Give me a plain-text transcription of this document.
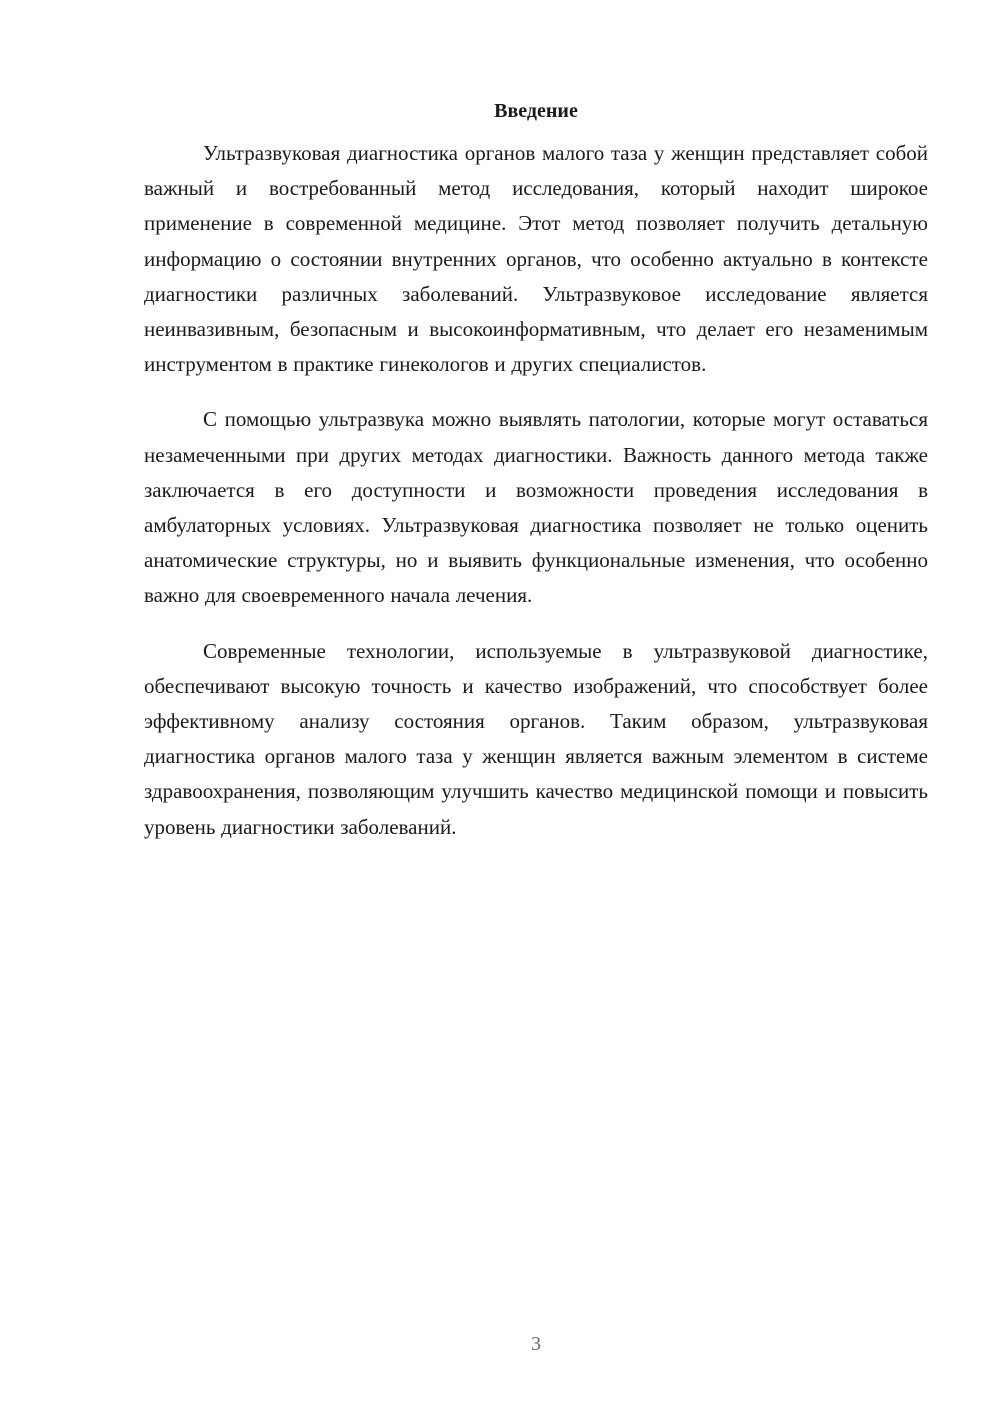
Введение

Ультразвуковая диагностика органов малого таза у женщин представляет собой важный и востребованный метод исследования, который находит широкое применение в современной медицине. Этот метод позволяет получить детальную информацию о состоянии внутренних органов, что особенно актуально в контексте диагностики различных заболеваний. Ультразвуковое исследование является неинвазивным, безопасным и высокоинформативным, что делает его незаменимым инструментом в практике гинекологов и других специалистов.

С помощью ультразвука можно выявлять патологии, которые могут оставаться незамеченными при других методах диагностики. Важность данного метода также заключается в его доступности и возможности проведения исследования в амбулаторных условиях. Ультразвуковая диагностика позволяет не только оценить анатомические структуры, но и выявить функциональные изменения, что особенно важно для своевременного начала лечения.

Современные технологии, используемые в ультразвуковой диагностике, обеспечивают высокую точность и качество изображений, что способствует более эффективному анализу состояния органов. Таким образом, ультразвуковая диагностика органов малого таза у женщин является важным элементом в системе здравоохранения, позволяющим улучшить качество медицинской помощи и повысить уровень диагностики заболеваний.

3
